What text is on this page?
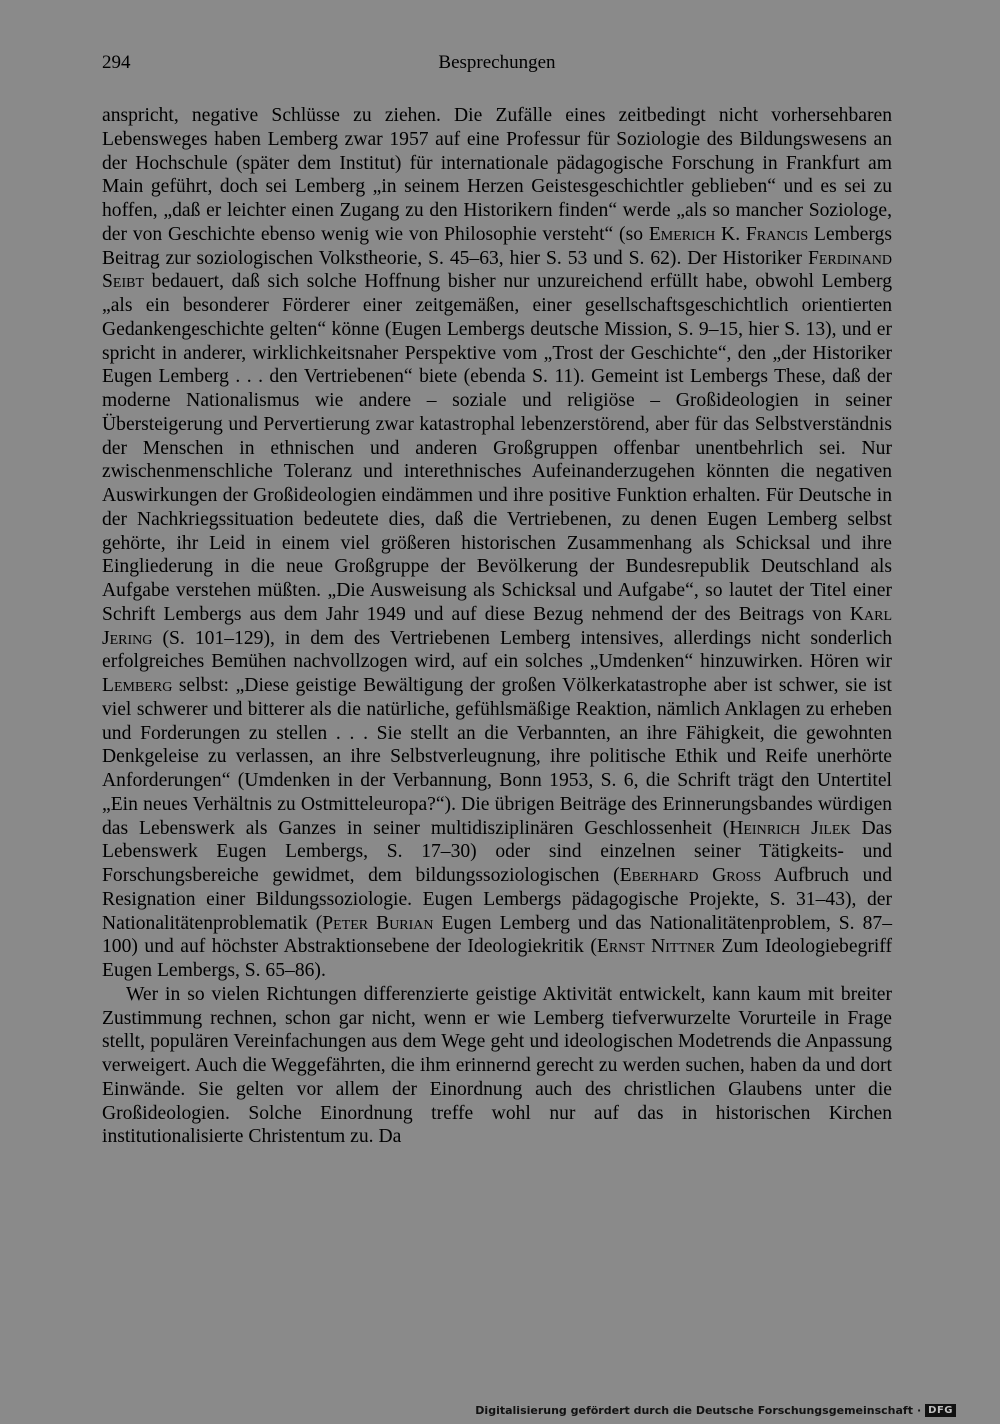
294	Besprechungen

anspricht, negative Schlüsse zu ziehen. Die Zufälle eines zeitbedingt nicht vorhersehbaren Lebensweges haben Lemberg zwar 1957 auf eine Professur für Soziologie des Bildungswesens an der Hochschule (später dem Institut) für internationale pädagogische Forschung in Frankfurt am Main geführt, doch sei Lemberg „in seinem Herzen Geistesgeschichtler geblieben“ und es sei zu hoffen, „daß er leichter einen Zugang zu den Historikern finden“ werde „als so mancher Soziologe, der von Geschichte ebenso wenig wie von Philosophie versteht“ (so Emerich K. Francis Lembergs Beitrag zur soziologischen Volkstheorie, S. 45–63, hier S. 53 und S. 62). Der Historiker Ferdinand Seibt bedauert, daß sich solche Hoffnung bisher nur unzureichend erfüllt habe, obwohl Lemberg „als ein besonderer Förderer einer zeitgemäßen, einer gesellschaftsgeschichtlich orientierten Gedankengeschichte gelten“ könne (Eugen Lembergs deutsche Mission, S. 9–15, hier S. 13), und er spricht in anderer, wirklichkeitsnaher Perspektive vom „Trost der Geschichte“, den „der Historiker Eugen Lemberg . . . den Vertriebenen“ biete (ebenda S. 11). Gemeint ist Lembergs These, daß der moderne Nationalismus wie andere – soziale und religiöse – Großideologien in seiner Übersteigerung und Pervertierung zwar katastrophal lebenzerstörend, aber für das Selbstverständnis der Menschen in ethnischen und anderen Großgruppen offenbar unentbehrlich sei. Nur zwischenmenschliche Toleranz und interethnisches Aufeinanderzugehen könnten die negativen Auswirkungen der Großideologien eindämmen und ihre positive Funktion erhalten. Für Deutsche in der Nachkriegssituation bedeutete dies, daß die Vertriebenen, zu denen Eugen Lemberg selbst gehörte, ihr Leid in einem viel größeren historischen Zusammenhang als Schicksal und ihre Eingliederung in die neue Großgruppe der Bevölkerung der Bundesrepublik Deutschland als Aufgabe verstehen müßten. „Die Ausweisung als Schicksal und Aufgabe“, so lautet der Titel einer Schrift Lembergs aus dem Jahr 1949 und auf diese Bezug nehmend der des Beitrags von Karl Jering (S. 101–129), in dem des Vertriebenen Lemberg intensives, allerdings nicht sonderlich erfolgreiches Bemühen nachvollzogen wird, auf ein solches „Umdenken“ hinzuwirken. Hören wir Lemberg selbst: „Diese geistige Bewältigung der großen Völkerkatastrophe aber ist schwer, sie ist viel schwerer und bitterer als die natürliche, gefühlsmäßige Reaktion, nämlich Anklagen zu erheben und Forderungen zu stellen . . . Sie stellt an die Verbannten, an ihre Fähigkeit, die gewohnten Denkgeleise zu verlassen, an ihre Selbstverleugnung, ihre politische Ethik und Reife unerhörte Anforderungen“ (Umdenken in der Verbannung, Bonn 1953, S. 6, die Schrift trägt den Untertitel „Ein neues Verhältnis zu Ostmitteleuropa?“). Die übrigen Beiträge des Erinnerungsbandes würdigen das Lebenswerk als Ganzes in seiner multidisziplinären Geschlossenheit (Heinrich Jilek Das Lebenswerk Eugen Lembergs, S. 17–30) oder sind einzelnen seiner Tätigkeits- und Forschungsbereiche gewidmet, dem bildungssoziologischen (Eberhard Gross Aufbruch und Resignation einer Bildungssoziologie. Eugen Lembergs pädagogische Projekte, S. 31–43), der Nationalitätenproblematik (Peter Burian Eugen Lemberg und das Nationalitätenproblem, S. 87–100) und auf höchster Abstraktionsebene der Ideologiekritik (Ernst Nittner Zum Ideologiebegriff Eugen Lembergs, S. 65–86).

Wer in so vielen Richtungen differenzierte geistige Aktivität entwickelt, kann kaum mit breiter Zustimmung rechnen, schon gar nicht, wenn er wie Lemberg tiefverwurzelte Vorurteile in Frage stellt, populären Vereinfachungen aus dem Wege geht und ideologischen Modetrends die Anpassung verweigert. Auch die Weggefährten, die ihm erinnernd gerecht zu werden suchen, haben da und dort Einwände. Sie gelten vor allem der Einordnung auch des christlichen Glaubens unter die Großideologien. Solche Einordnung treffe wohl nur auf das in historischen Kirchen institutionalisierte Christentum zu. Da

Digitalisierung gefördert durch die Deutsche Forschungsgemeinschaft · DFG
